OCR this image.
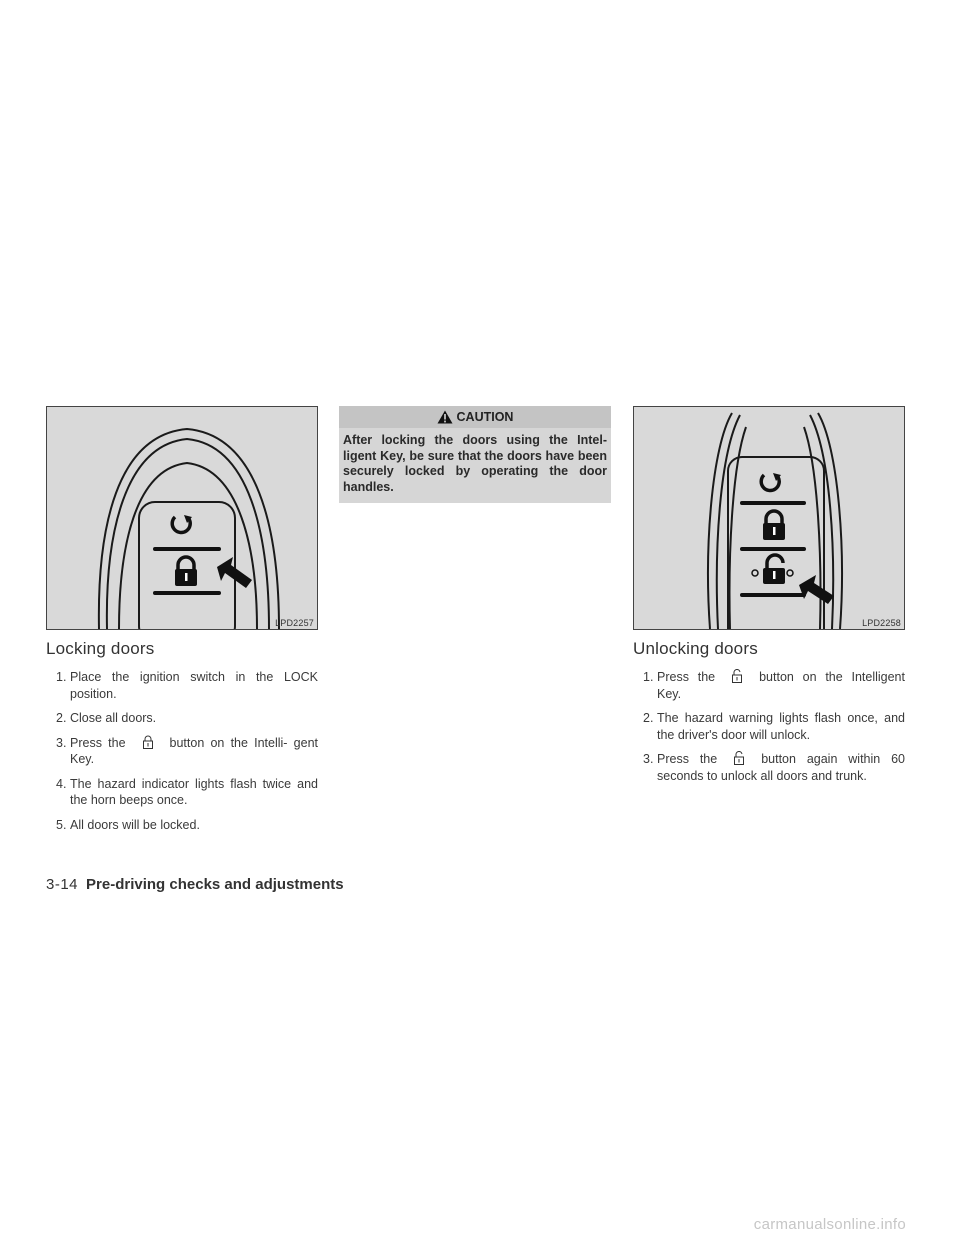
LPD2257
Locking doors
1. Place the ignition switch in the LOCK position.
2. Close all doors.
3. Press the	button on the Intelli- gent Key.
4. The hazard indicator lights flash twice and the horn beeps once.
5. All doors will be locked.
CAUTION
After locking the doors using the Intel- ligent Key, be sure that the doors have been securely locked by operating the door handles.
LPD2258
Unlocking doors
1. Press the	button on the Intelligent Key.
2. The hazard warning lights flash once, and the driver's door will unlock.
3. Press the	button again within 60 seconds to unlock all doors and trunk.
3-14 Pre-driving checks and adjustments
carmanualsonline.info
